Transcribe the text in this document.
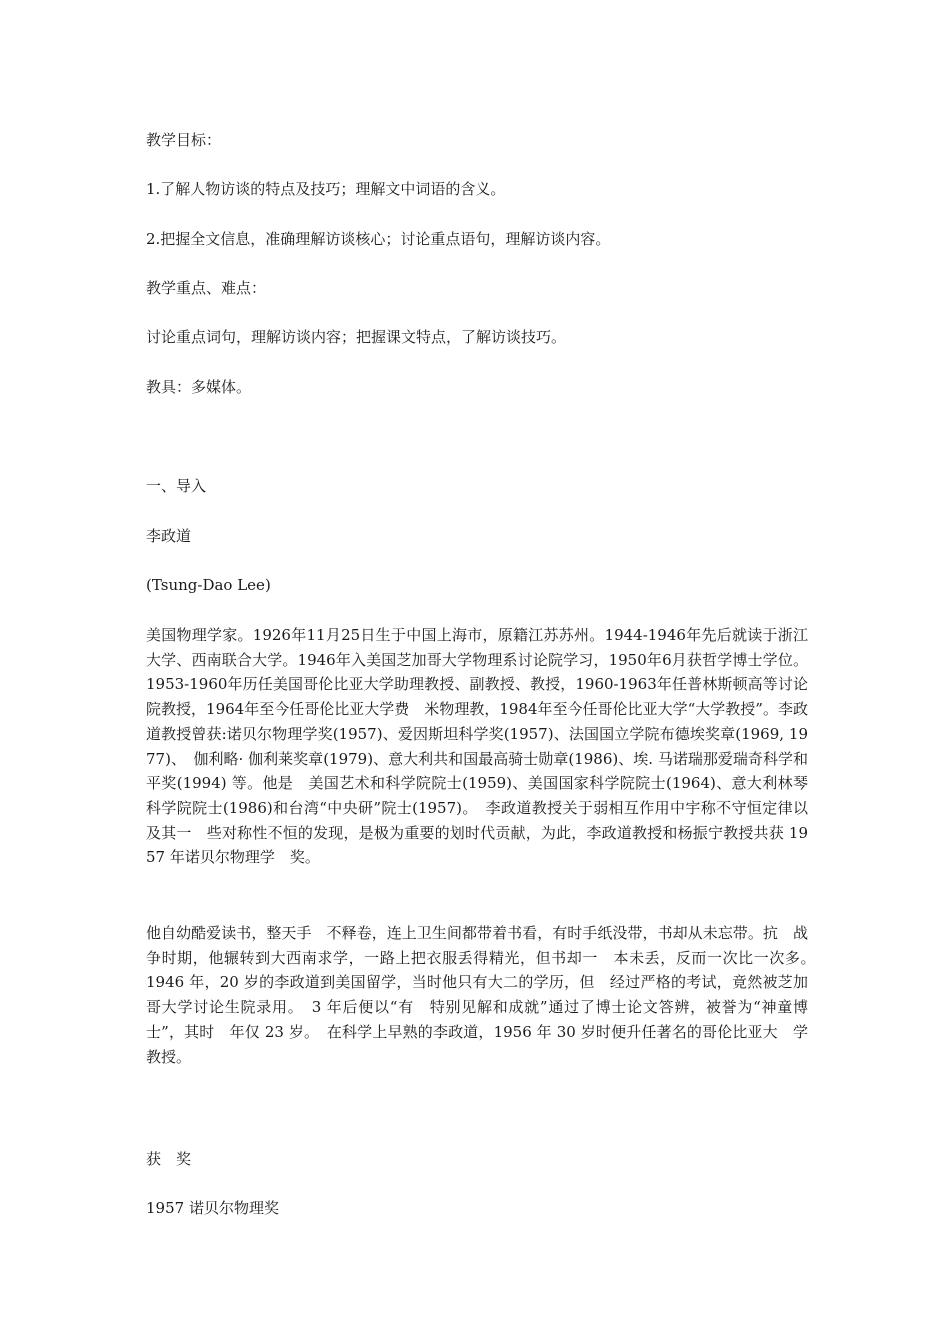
教学目标：
1.了解人物访谈的特点及技巧；理解文中词语的含义。
2.把握全文信息，准确理解访谈核心；讨论重点语句，理解访谈内容。
教学重点、难点：
讨论重点词句，理解访谈内容；把握课文特点，了解访谈技巧。
教具：多媒体。
一、导入
李政道
(Tsung-Dao Lee)
美国物理学家。1926年11月25日生于中国上海市，原籍江苏苏州。1944-1946年先后就读于浙江大学、西南联合大学。1946年入美国芝加哥大学物理系讨论院学习，1950年6月获哲学博士学位。1953-1960年历任美国哥伦比亚大学助理教授、副教授、教授，1960-1963年任普林斯顿高等讨论院教授，1964年至今任哥伦比亚大学费　米物理教，1984年至今任哥伦比亚大学“大学教授”。李政道教授曾获:诺贝尔物理学奖(1957)、爱因斯坦科学奖(1957)、法国国立学院布德埃奖章(1969, 1977)、　伽利略· 伽利莱奖章(1979)、意大利共和国最高骑士勋章(1986)、埃. 马诺瑞那爱瑞奇科学和平奖(1994) 等。他是　美国艺术和科学院院士(1959)、美国国家科学院院士(1964)、意大利林琴科学院院士(1986)和台湾“中央研”院士(1957)。　李政道教授关于弱相互作用中宇称不守恒定律以及其一　些对称性不恒的发现，是极为重要的划时代贡献，为此，李政道教授和杨振宁教授共获 1957 年诺贝尔物理学　奖。
他自幼酷爱读书，整天手　不释卷，连上卫生间都带着书看，有时手纸没带，书却从未忘带。抗　战争时期，他辗转到大西南求学，一路上把衣服丢得精光，但书却一　本未丢，反而一次比一次多。　1946 年，20 岁的李政道到美国留学，当时他只有大二的学历，但　经过严格的考试，竟然被芝加哥大学讨论生院录用。　3 年后便以“有　特别见解和成就”通过了博士论文答辨，被誉为“神童博士”，其时　年仅 23 岁。　在科学上早熟的李政道，1956 年 30 岁时便升任著名的哥伦比亚大　学教授。
获　奖
1957 诺贝尔物理奖
